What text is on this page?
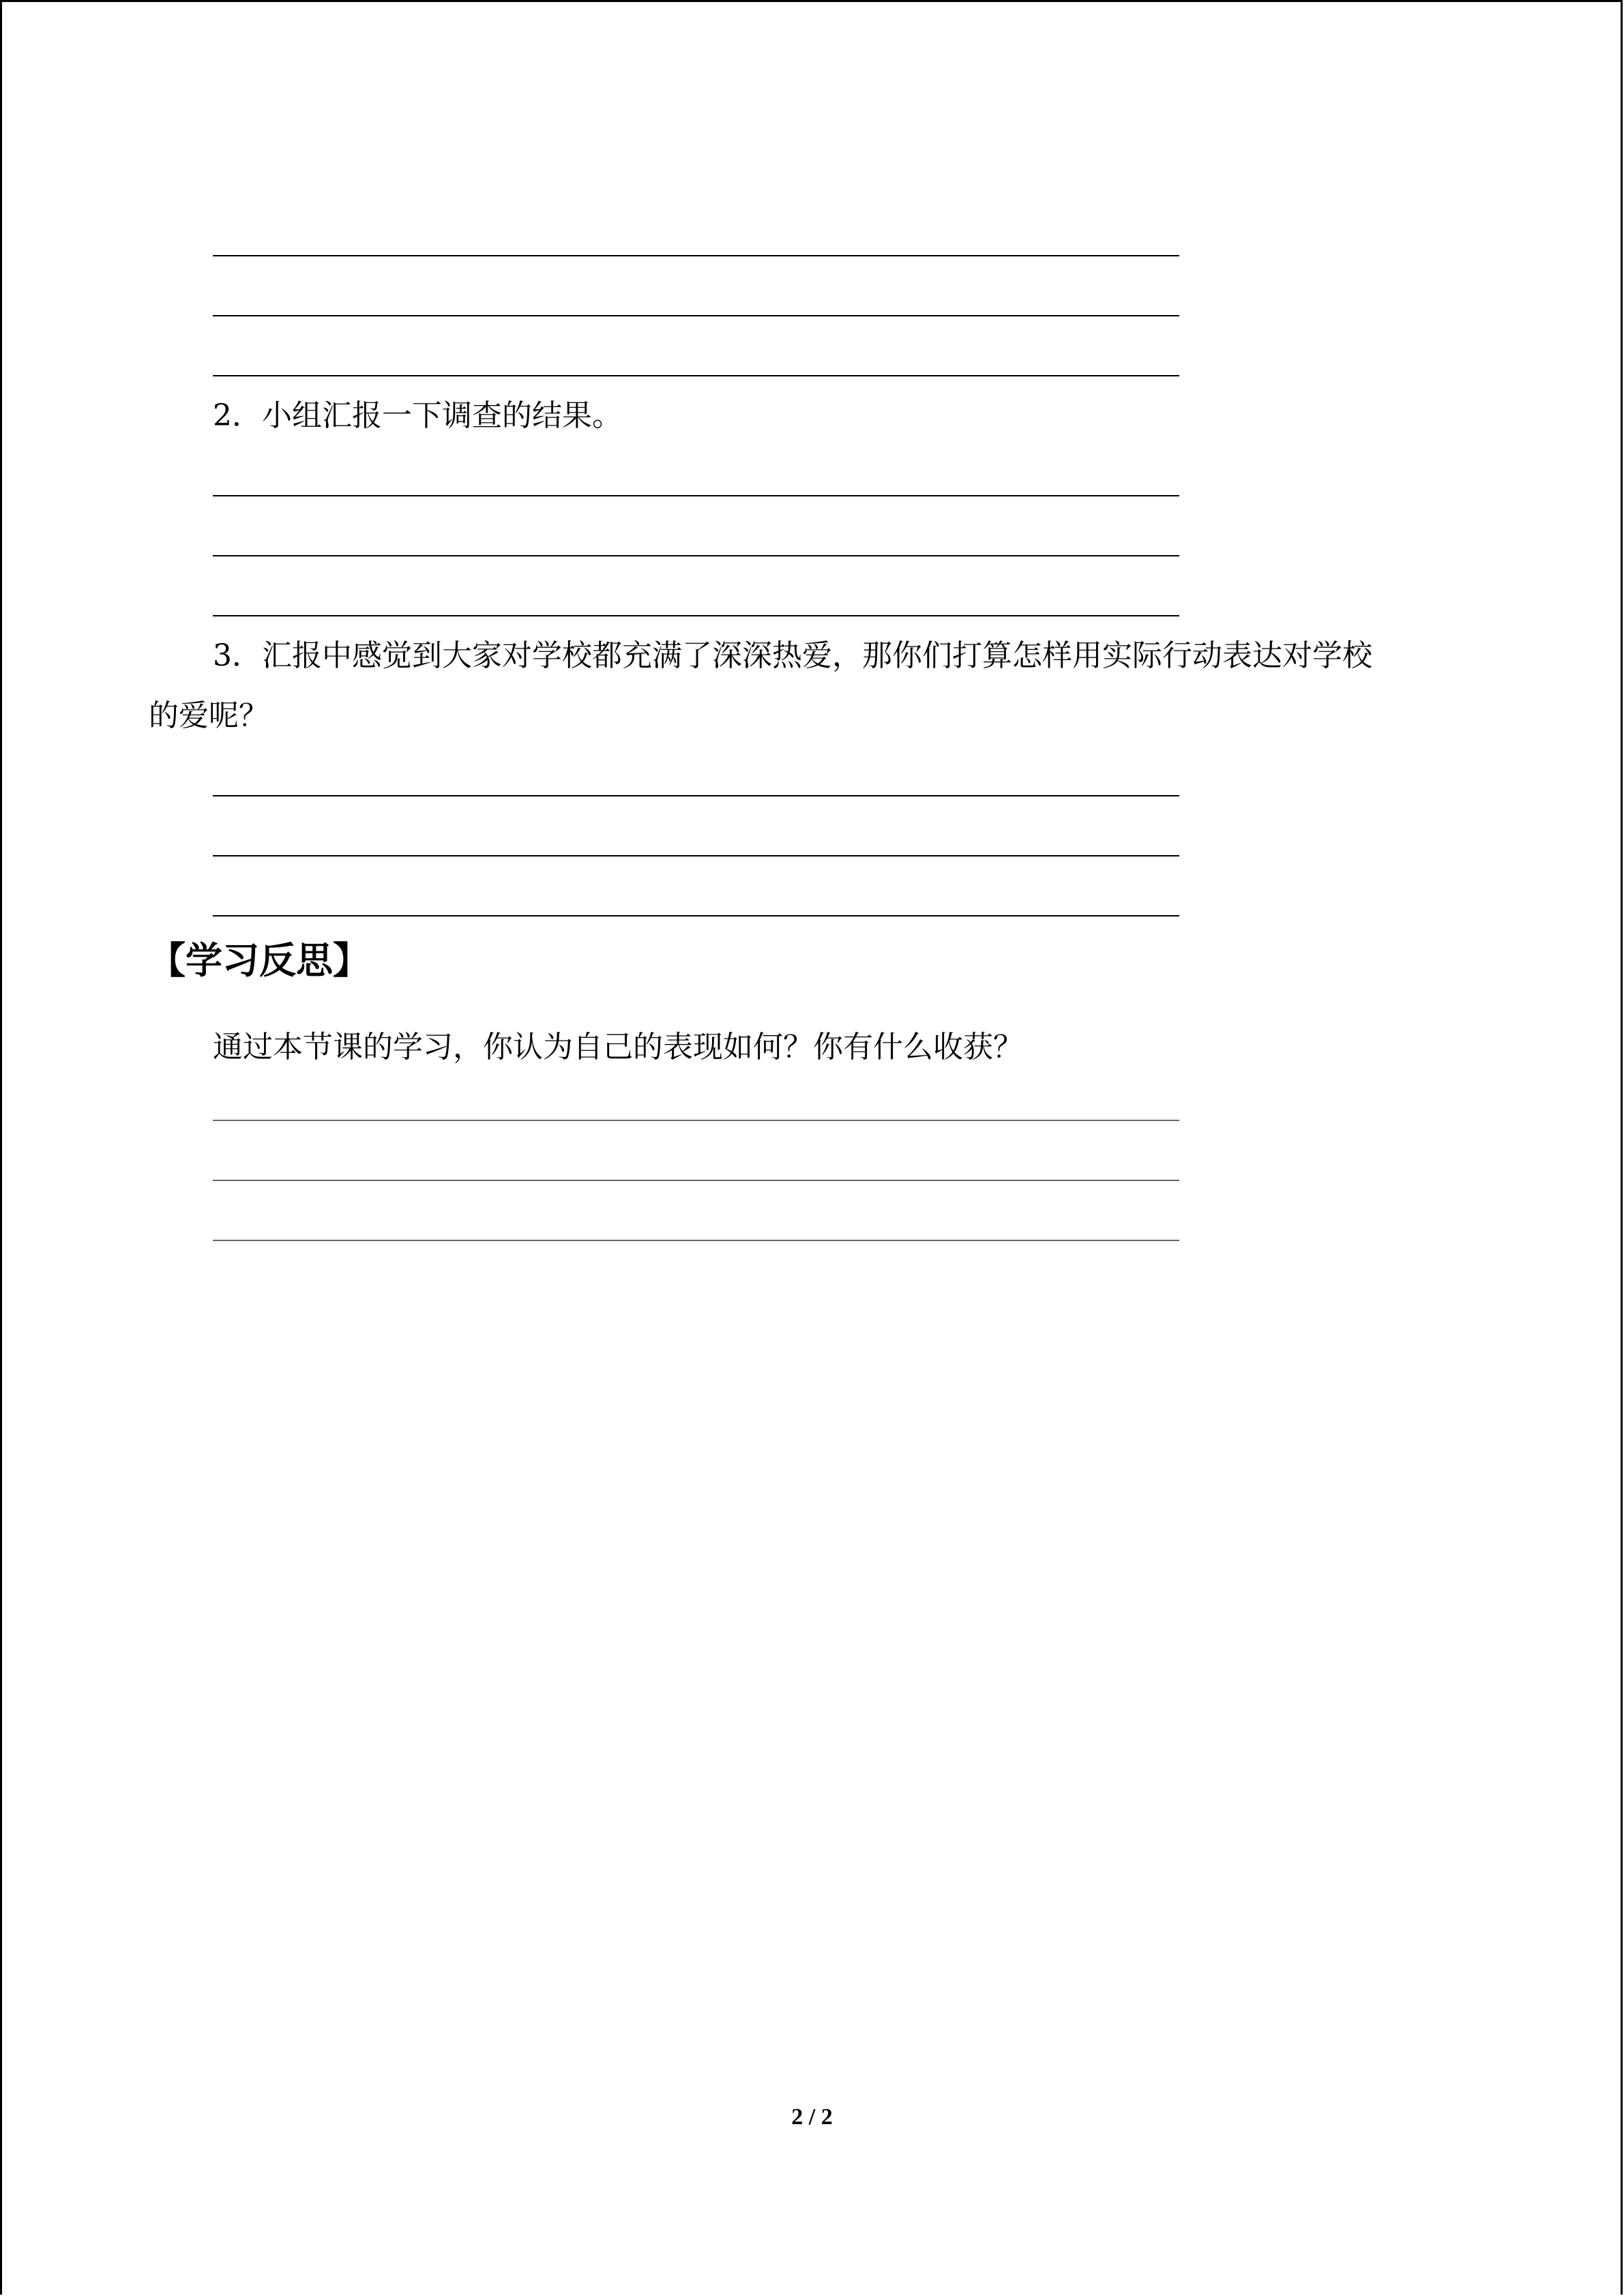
2．小组汇报一下调查的结果。
3．汇报中感觉到大家对学校都充满了深深热爱，那你们打算怎样用实际行动表达对学校
的爱呢？
【学习反思】
通过本节课的学习，你认为自己的表现如何？你有什么收获？
2 / 2
